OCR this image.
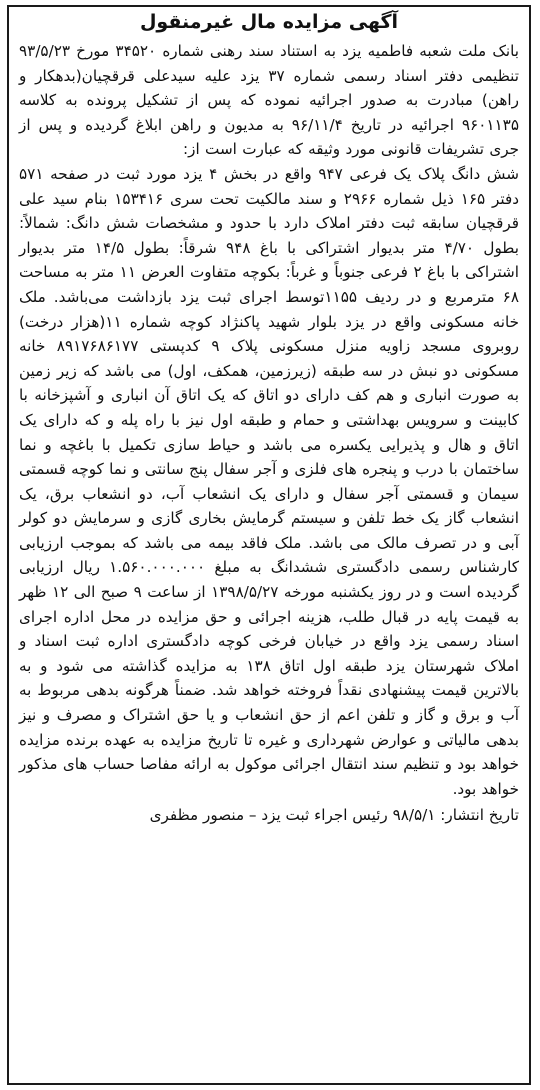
آگهی مزایده مال غیرمنقول

بانک ملت شعبه فاطمیه یزد به استناد سند رهنی شماره ۳۴۵۲۰ مورخ ۹۳/۵/۲۳ تنظیمی دفتر اسناد رسمی شماره ۳۷ یزد علیه سیدعلی قرقچیان(بدهکار و راهن) مبادرت به صدور اجرائیه نموده که پس از تشکیل پرونده به کلاسه ۹۶۰۱۱۳۵ اجرائیه در تاریخ ۹۶/۱۱/۴ به مدیون و راهن ابلاغ گردیده و پس از جری تشریفات قانونی مورد وثیقه که عبارت است از:

شش دانگ پلاک یک فرعی ۹۴۷ واقع در بخش ۴ یزد مورد ثبت در صفحه ۵۷۱ دفتر ۱۶۵ ذیل شماره ۲۹۶۶ و سند مالکیت تحت سری ۱۵۳۴۱۶ بنام سید علی قرقچیان سابقه ثبت دفتر املاک دارد با حدود و مشخصات شش دانگ: شمالاً: بطول ۴/۷۰ متر بدیوار اشتراکی با باغ ۹۴۸ شرقاً: بطول ۱۴/۵ متر بدیوار اشتراکی با باغ ۲ فرعی جنوباً و غرباً: بکوچه متفاوت العرض ۱۱ متر به مساحت ۶۸ مترمربع و در ردیف ۱۱۵۵توسط اجرای ثبت یزد بازداشت می‌باشد. ملک خانه مسکونی واقع در یزد بلوار شهید پاکنژاد کوچه شماره ۱۱(هزار درخت) روبروی مسجد زاویه منزل مسکونی پلاک ۹ کدپستی ۸۹۱۷۶۸۶۱۷۷ خانه مسکونی دو نبش در سه طبقه (زیرزمین، همکف، اول) می باشد که زیر زمین به صورت انباری و هم کف دارای دو اتاق که یک اتاق آن انباری و آشپزخانه با کابینت و سرویس بهداشتی و حمام و طبقه اول نیز با راه پله و که دارای یک اتاق و هال و پذیرایی یکسره می باشد و حیاط سازی تکمیل با باغچه و نما ساختمان با درب و پنجره های فلزی و آجر سفال پنج سانتی و نما کوچه قسمتی سیمان و قسمتی آجر سفال و دارای یک انشعاب آب، دو انشعاب برق، یک انشعاب گاز یک خط تلفن و سیستم گرمایش بخاری گازی و سرمایش دو کولر آبی و در تصرف مالک می باشد. ملک فاقد بیمه می باشد که بموجب ارزیابی کارشناس رسمی دادگستری ششدانگ به مبلغ ۱.۵۶۰.۰۰۰.۰۰۰ ریال ارزیابی گردیده است و در روز یکشنبه مورخه ۱۳۹۸/۵/۲۷ از ساعت ۹ صبح الی ۱۲ ظهر به قیمت پایه در قبال طلب، هزینه اجرائی و حق مزایده در محل اداره اجرای اسناد رسمی یزد واقع در خیابان فرخی کوچه دادگستری اداره ثبت اسناد و املاک شهرستان یزد طبقه اول اتاق ۱۳۸ به مزایده گذاشته می شود و به بالاترین قیمت پیشنهادی نقداً فروخته خواهد شد. ضمناً هرگونه بدهی مربوط به آب و برق و گاز و تلفن اعم از حق انشعاب و یا حق اشتراک و مصرف و نیز بدهی مالیاتی و عوارض شهرداری و غیره تا تاریخ مزایده به عهده برنده مزایده خواهد بود و تنظیم سند انتقال اجرائی موکول به ارائه مفاصا حساب های مذکور خواهد بود.

تاریخ انتشار: ۹۸/۵/۱ رئیس اجراء ثبت یزد – منصور مظفری
